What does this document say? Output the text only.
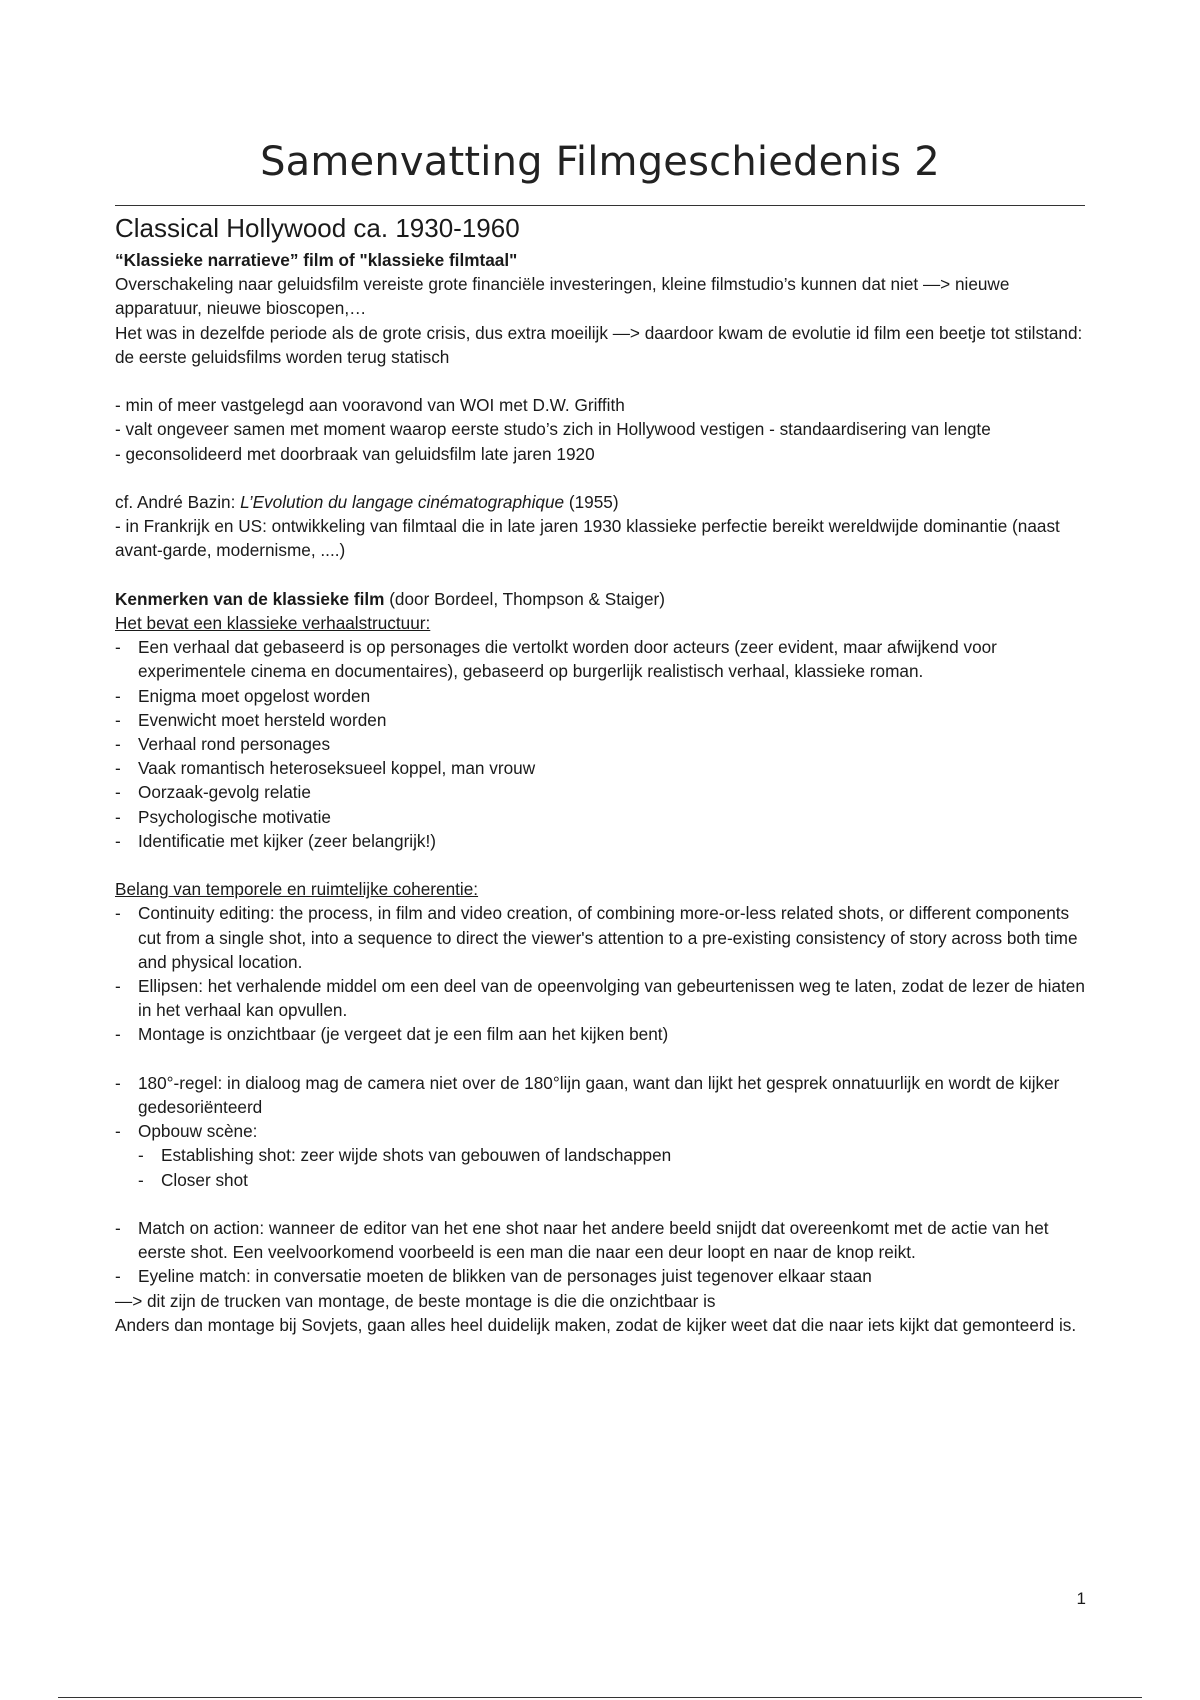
Samenvatting Filmgeschiedenis 2
Classical Hollywood ca. 1930-1960

“Klassieke narratieve” film of "klassieke filmtaal"

Overschakeling naar geluidsfilm vereiste grote financiële investeringen, kleine filmstudio’s kunnen dat niet —> nieuwe apparatuur, nieuwe bioscopen,…

Het was in dezelfde periode als de grote crisis, dus extra moeilijk —> daardoor kwam de evolutie id film een beetje tot stilstand: de eerste geluidsfilms worden terug statisch

- min of meer vastgelegd aan vooravond van WOI met D.W. Griffith

- valt ongeveer samen met moment waarop eerste studo’s zich in Hollywood vestigen - standaardisering van lengte

- geconsolideerd met doorbraak van geluidsfilm late jaren 1920

cf. André Bazin: L’Evolution du langage cinématographique (1955)

- in Frankrijk en US: ontwikkeling van filmtaal die in late jaren 1930 klassieke perfectie bereikt wereldwijde dominantie (naast avant-garde, modernisme, ....)

Kenmerken van de klassieke film (door Bordeel, Thompson & Staiger)

Het bevat een klassieke verhaalstructuur:

- Een verhaal dat gebaseerd is op personages die vertolkt worden door acteurs (zeer evident, maar afwijkend voor experimentele cinema en documentaires), gebaseerd op burgerlijk realistisch verhaal, klassieke roman.
- Enigma moet opgelost worden
- Evenwicht moet hersteld worden
- Verhaal rond personages
- Vaak romantisch heteroseksueel koppel, man vrouw
- Oorzaak-gevolg relatie
- Psychologische motivatie
- Identificatie met kijker (zeer belangrijk!)

Belang van temporele en ruimtelijke coherentie:

- Continuity editing: the process, in film and video creation, of combining more-or-less related shots, or different components cut from a single shot, into a sequence to direct the viewer's attention to a pre-existing consistency of story across both time and physical location.
- Ellipsen: het verhalende middel om een deel van de opeenvolging van gebeurtenissen weg te laten, zodat de lezer de hiaten in het verhaal kan opvullen.
- Montage is onzichtbaar (je vergeet dat je een film aan het kijken bent)
- 180°-regel: in dialoog mag de camera niet over de 180°lijn gaan, want dan lijkt het gesprek onnatuurlijk en wordt de kijker gedesoriënteerd
- Opbouw scène:
- Establishing shot: zeer wijde shots van gebouwen of landschappen
- Closer shot
- Match on action: wanneer de editor van het ene shot naar het andere beeld snijdt dat overeenkomt met de actie van het eerste shot. Een veelvoorkomend voorbeeld is een man die naar een deur loopt en naar de knop reikt.
- Eyeline match: in conversatie moeten de blikken van de personages juist tegenover elkaar staan

—> dit zijn de trucken van montage, de beste montage is die die onzichtbaar is

Anders dan montage bij Sovjets, gaan alles heel duidelijk maken, zodat de kijker weet dat die naar iets kijkt dat gemonteerd is.

1
